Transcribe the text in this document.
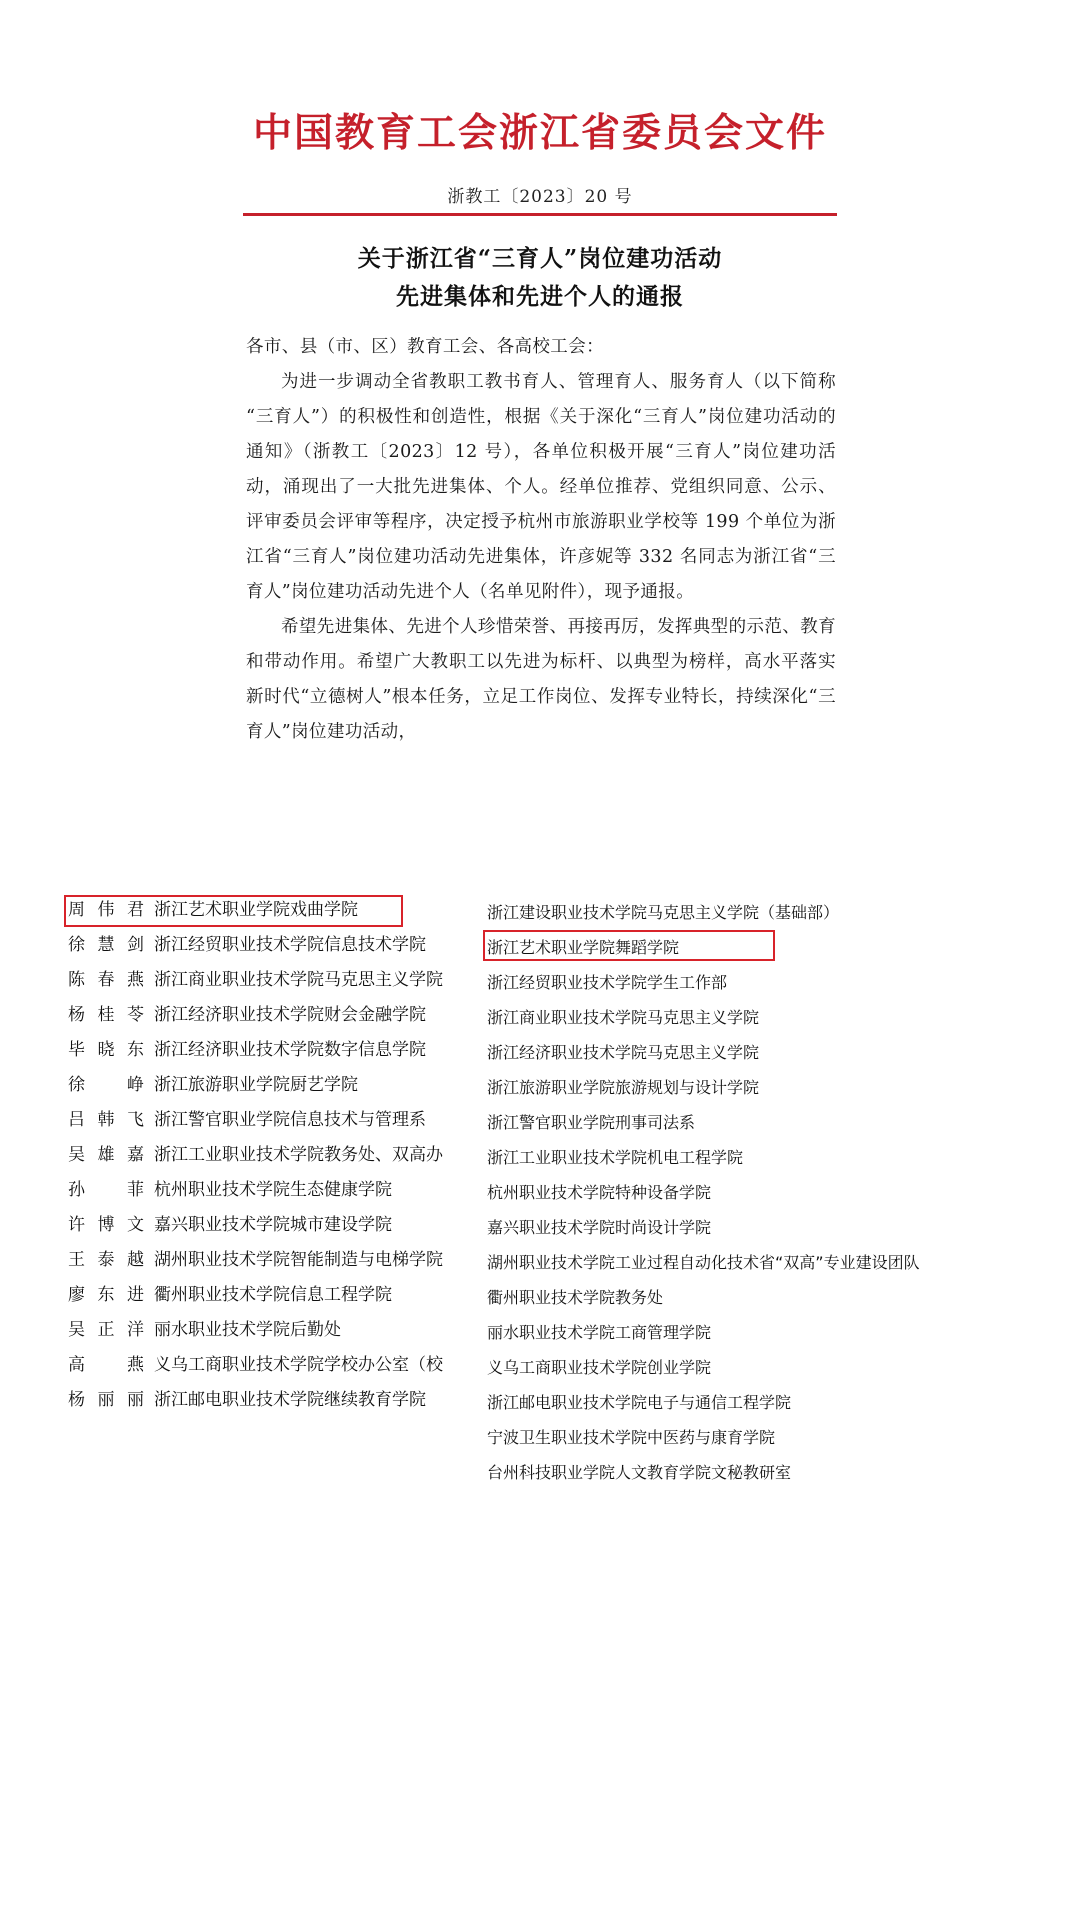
中国教育工会浙江省委员会文件
浙教工〔2023〕20 号
关于浙江省“三育人”岗位建功活动
先进集体和先进个人的通报

各市、县（市、区）教育工会、各高校工会：

为进一步调动全省教职工教书育人、管理育人、服务育人（以下简称“三育人”）的积极性和创造性，根据《关于深化“三育人”岗位建功活动的通知》（浙教工〔2023〕12 号），各单位积极开展“三育人”岗位建功活动，涌现出了一大批先进集体、个人。经单位推荐、党组织同意、公示、评审委员会评审等程序，决定授予杭州市旅游职业学校等 199 个单位为浙江省“三育人”岗位建功活动先进集体，许彦妮等 332 名同志为浙江省“三育人”岗位建功活动先进个人（名单见附件），现予通报。

希望先进集体、先进个人珍惜荣誉、再接再厉，发挥典型的示范、教育和带动作用。希望广大教职工以先进为标杆、以典型为榜样，高水平落实新时代“立德树人”根本任务，立足工作岗位、发挥专业特长，持续深化“三育人”岗位建功活动，

周伟君 浙江艺术职业学院戏曲学院
徐慧剑 浙江经贸职业技术学院信息技术学院
陈春燕 浙江商业职业技术学院马克思主义学院
杨桂苓 浙江经济职业技术学院财会金融学院
毕晓东 浙江经济职业技术学院数字信息学院
徐 峥 浙江旅游职业学院厨艺学院
吕韩飞 浙江警官职业学院信息技术与管理系
吴雄嘉 浙江工业职业技术学院教务处、双高办
孙 菲 杭州职业技术学院生态健康学院
许博文 嘉兴职业技术学院城市建设学院
王泰越 湖州职业技术学院智能制造与电梯学院
廖东进 衢州职业技术学院信息工程学院
吴正洋 丽水职业技术学院后勤处
高 燕 义乌工商职业技术学院学校办公室（校
杨丽丽 浙江邮电职业技术学院继续教育学院
浙江建设职业技术学院马克思主义学院（基础部）
浙江艺术职业学院舞蹈学院
浙江经贸职业技术学院学生工作部
浙江商业职业技术学院马克思主义学院
浙江经济职业技术学院马克思主义学院
浙江旅游职业学院旅游规划与设计学院
浙江警官职业学院刑事司法系
浙江工业职业技术学院机电工程学院
杭州职业技术学院特种设备学院
嘉兴职业技术学院时尚设计学院
湖州职业技术学院工业过程自动化技术省“双高”专业建设团队
衢州职业技术学院教务处
丽水职业技术学院工商管理学院
义乌工商职业技术学院创业学院
浙江邮电职业技术学院电子与通信工程学院
宁波卫生职业技术学院中医药与康育学院
台州科技职业学院人文教育学院文秘教研室
